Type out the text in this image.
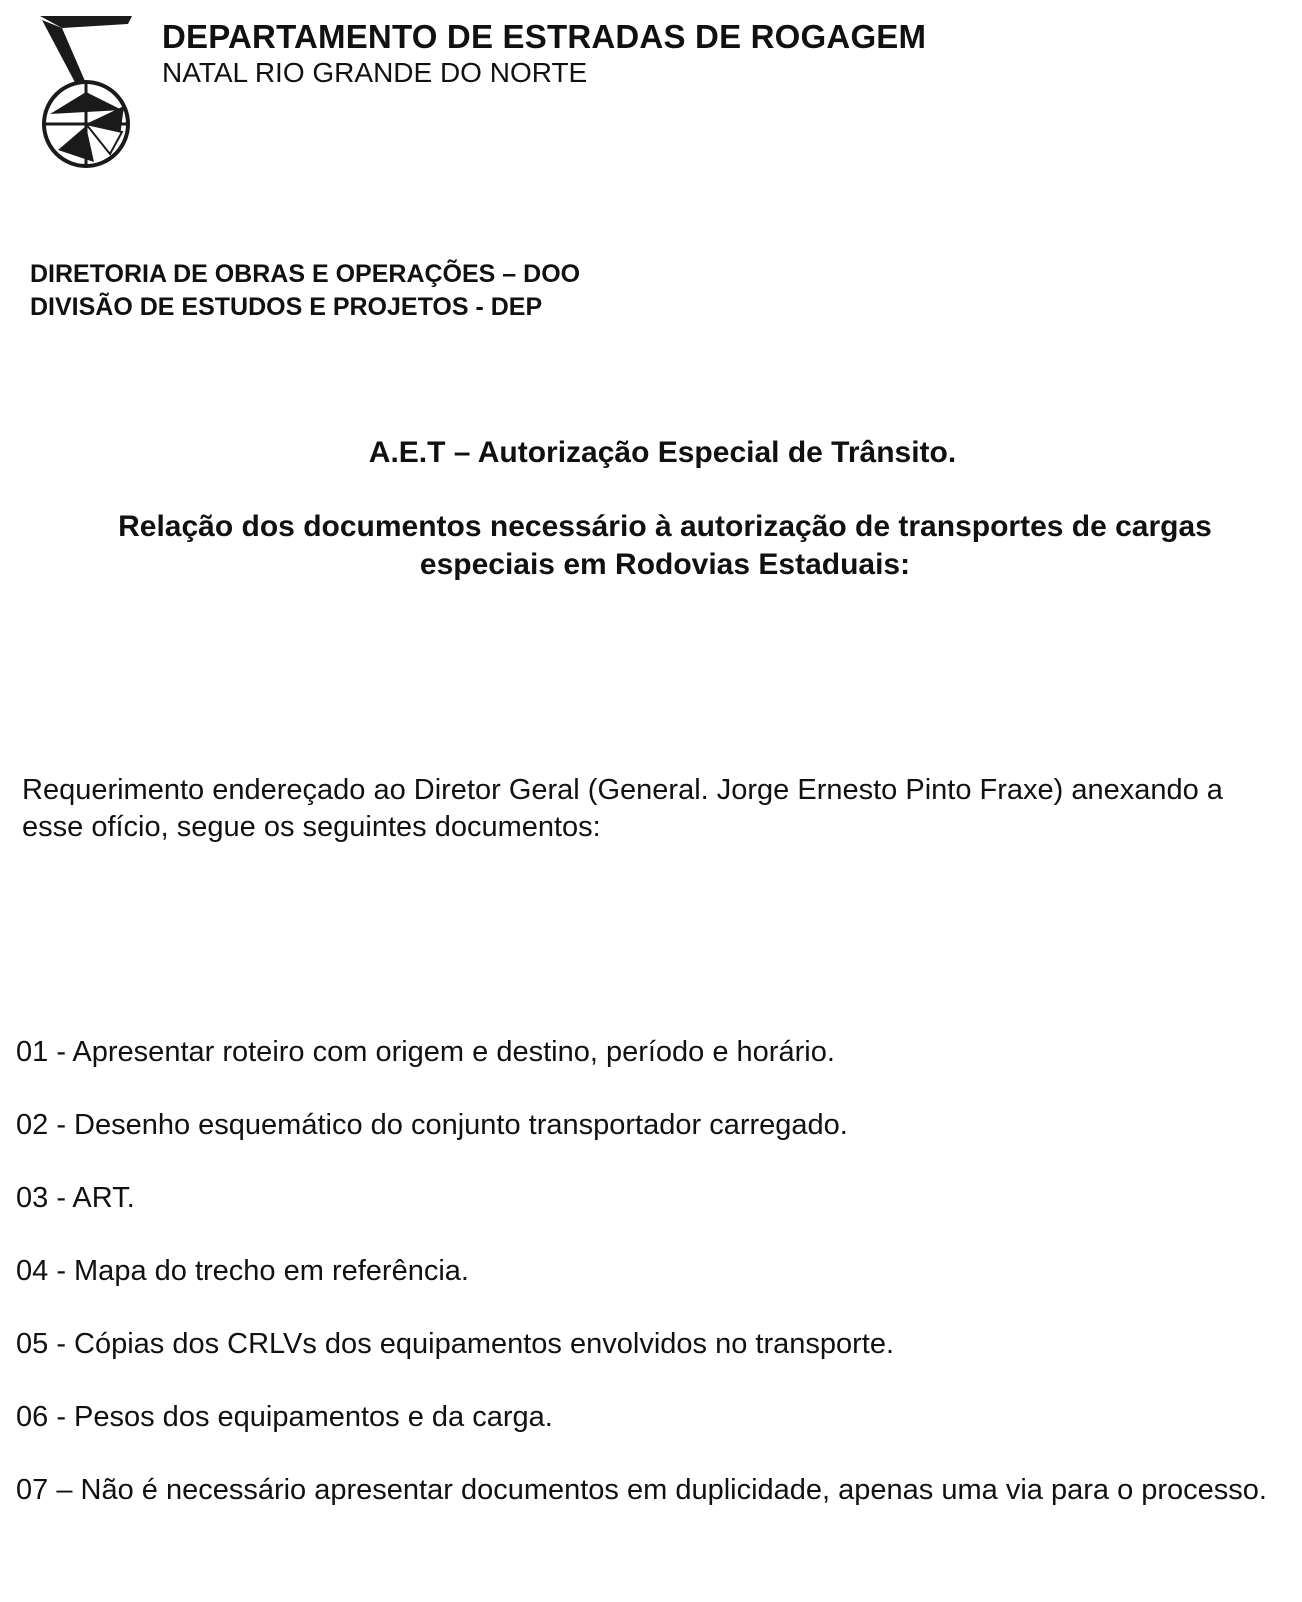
DEPARTAMENTO DE ESTRADAS DE ROGAGEM
NATAL RIO GRANDE DO NORTE
DIRETORIA DE OBRAS E OPERAÇÕES – DOO
DIVISÃO DE ESTUDOS E PROJETOS - DEP
A.E.T – Autorização Especial de Trânsito.
Relação dos documentos necessário à autorização de transportes de cargas especiais em Rodovias Estaduais:
Requerimento endereçado ao Diretor Geral (General. Jorge Ernesto Pinto Fraxe) anexando a esse ofício, segue os seguintes documentos:
01 - Apresentar roteiro com origem e destino, período e horário.
02 - Desenho esquemático do conjunto transportador carregado.
03 - ART.
04 - Mapa do trecho em referência.
05 - Cópias dos CRLVs dos equipamentos envolvidos no transporte.
06 - Pesos dos equipamentos e da carga.
07 – Não é necessário apresentar documentos em duplicidade, apenas uma via para o processo.
